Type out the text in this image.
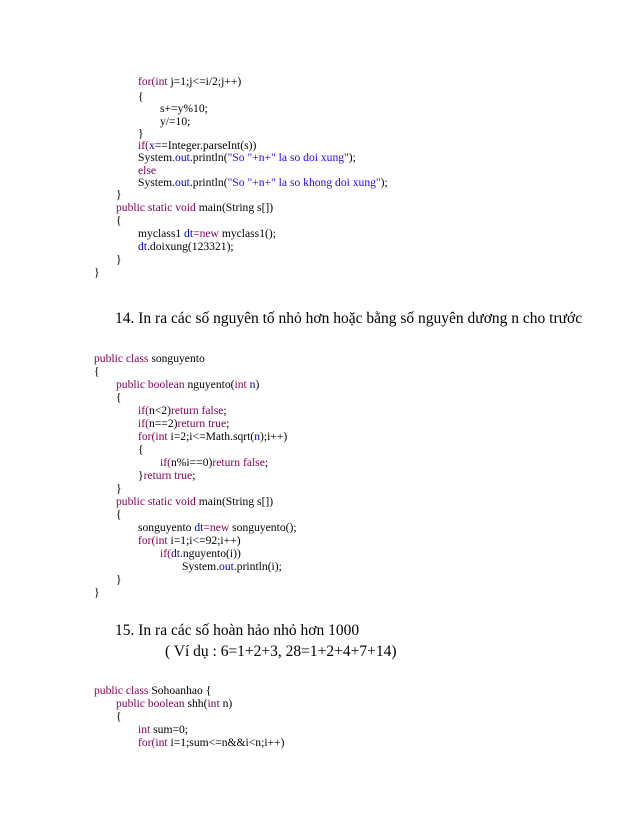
for(int j=1;j<=i/2;j++)
{
s+=y%10;
y/=10;
}
if(x==Integer.parseInt(s))
System.out.println("So "+n+" la so doi xung");
else
System.out.println("So "+n+" la so khong doi xung");
}
public static void main(String s[])
{
myclass1 dt=new myclass1();
dt.doixung(123321);
}
}
14. In ra các số nguyên tố nhỏ hơn hoặc bằng số nguyên dương n cho trước
public class songuyento
{
public boolean nguyento(int n)
{
if(n<2)return false;
if(n==2)return true;
for(int i=2;i<=Math.sqrt(n);i++)
{
if(n%i==0)return false;
}return true;
}
public static void main(String s[])
{
songuyento dt=new songuyento();
for(int i=1;i<=92;i++)
if(dt.nguyento(i))
System.out.println(i);
}
}
15. In ra các số hoàn hảo nhỏ hơn 1000
( Ví dụ : 6=1+2+3, 28=1+2+4+7+14)
public class Sohoanhao {
public boolean shh(int n)
{
int sum=0;
for(int i=1;sum<=n&&i<n;i++)
